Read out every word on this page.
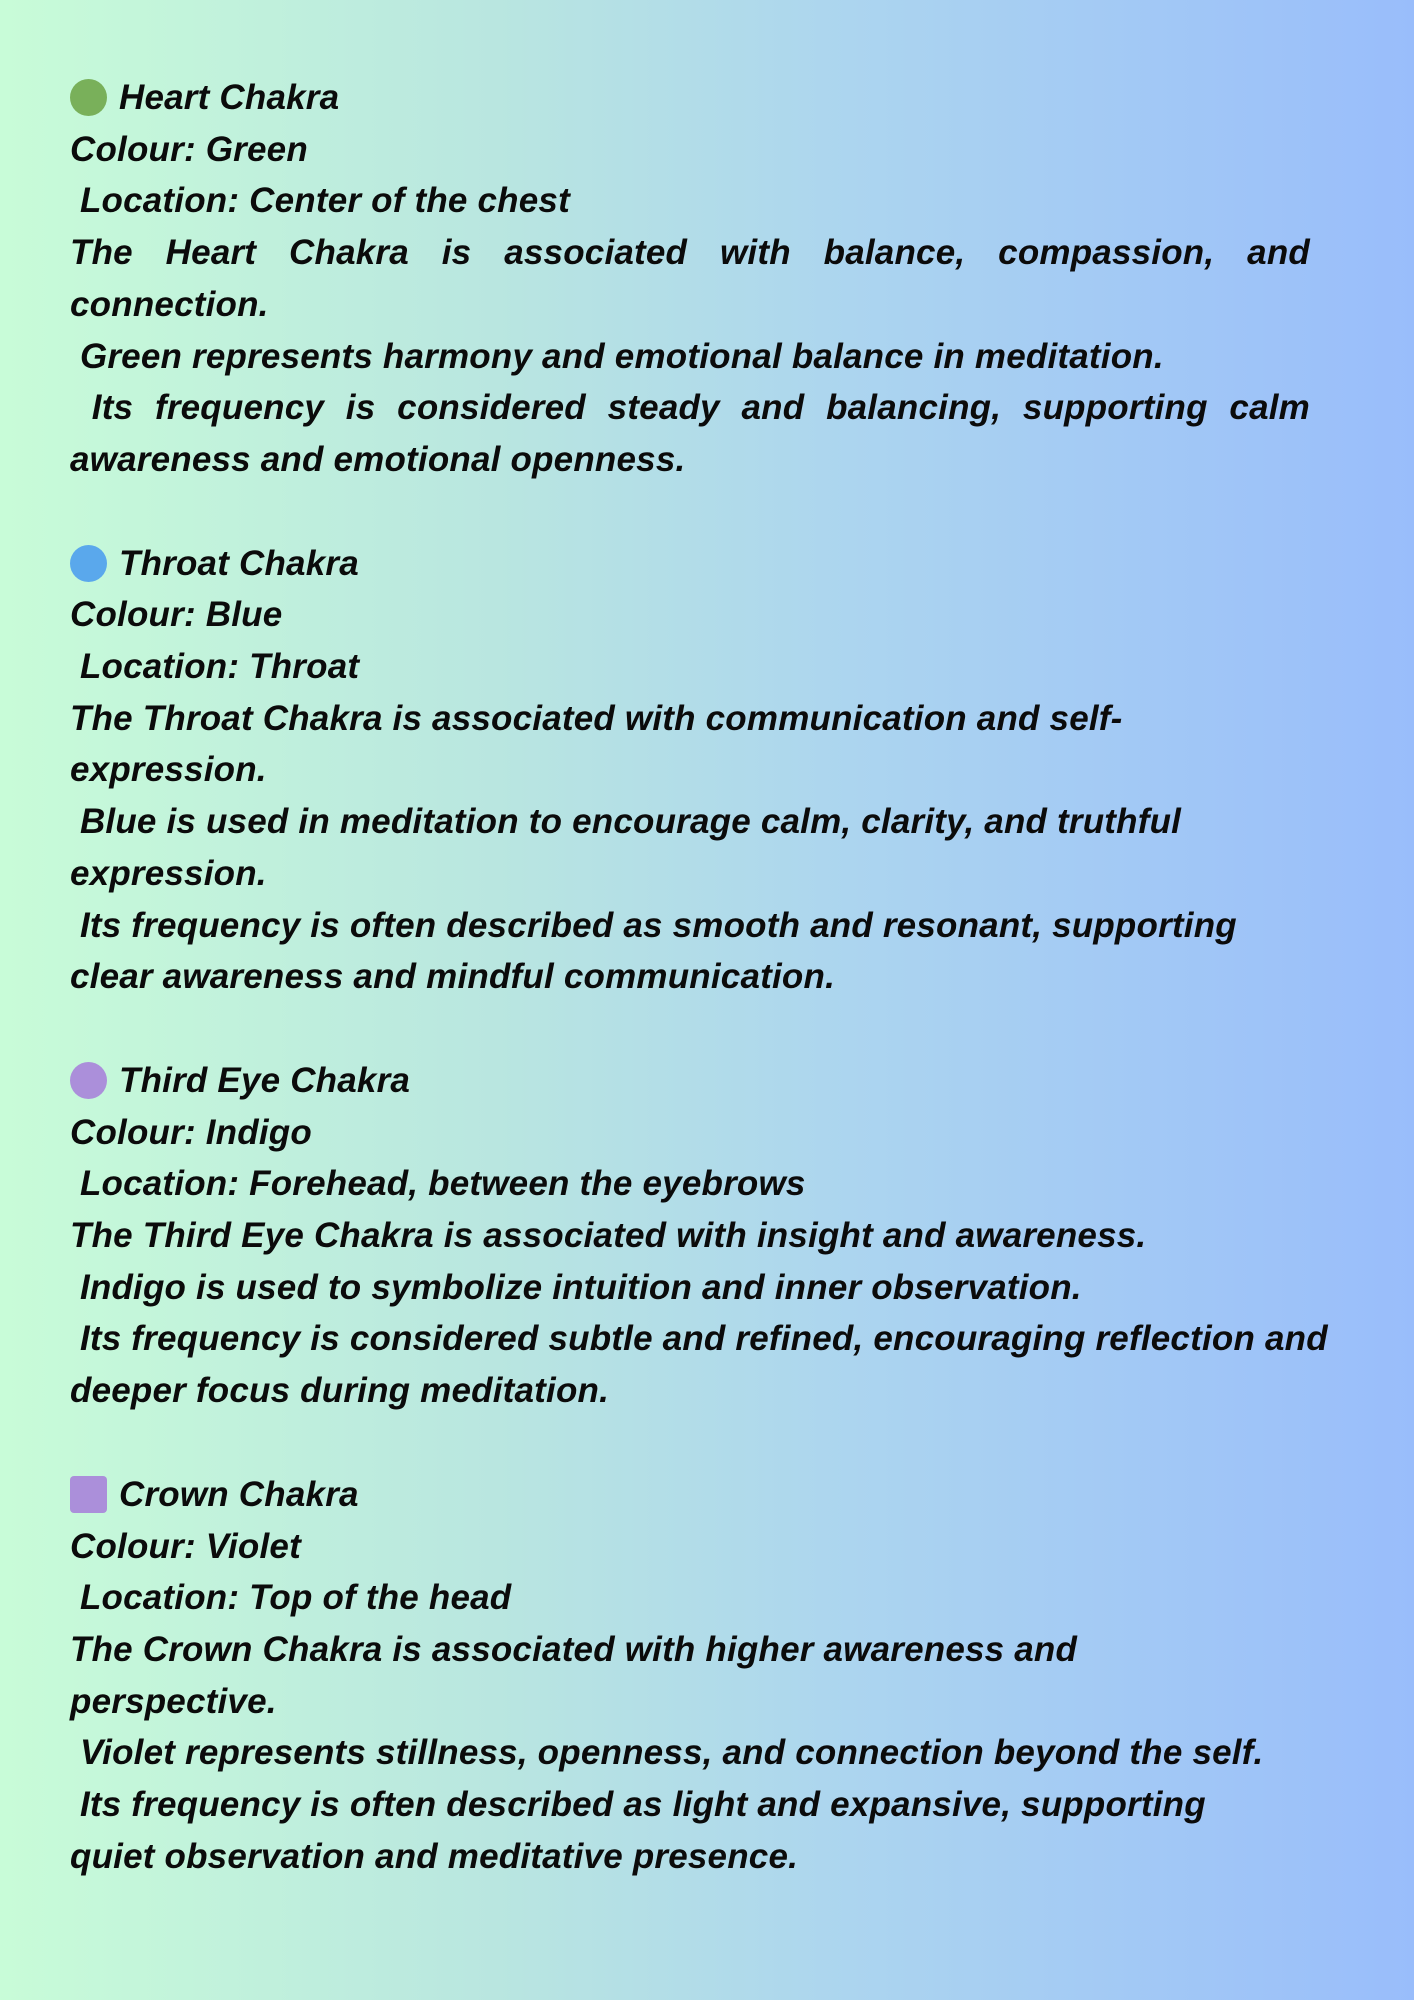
Heart Chakra
Colour: Green
Location: Center of the chest
The Heart Chakra is associated with balance, compassion, and connection.
Green represents harmony and emotional balance in meditation.
Its frequency is considered steady and balancing, supporting calm awareness and emotional openness.
Throat Chakra
Colour: Blue
Location: Throat
The Throat Chakra is associated with communication and self-expression.
Blue is used in meditation to encourage calm, clarity, and truthful expression.
Its frequency is often described as smooth and resonant, supporting clear awareness and mindful communication.
Third Eye Chakra
Colour: Indigo
Location: Forehead, between the eyebrows
The Third Eye Chakra is associated with insight and awareness.
Indigo is used to symbolize intuition and inner observation.
Its frequency is considered subtle and refined, encouraging reflection and deeper focus during meditation.
Crown Chakra
Colour: Violet
Location: Top of the head
The Crown Chakra is associated with higher awareness and perspective.
Violet represents stillness, openness, and connection beyond the self.
Its frequency is often described as light and expansive, supporting quiet observation and meditative presence.
